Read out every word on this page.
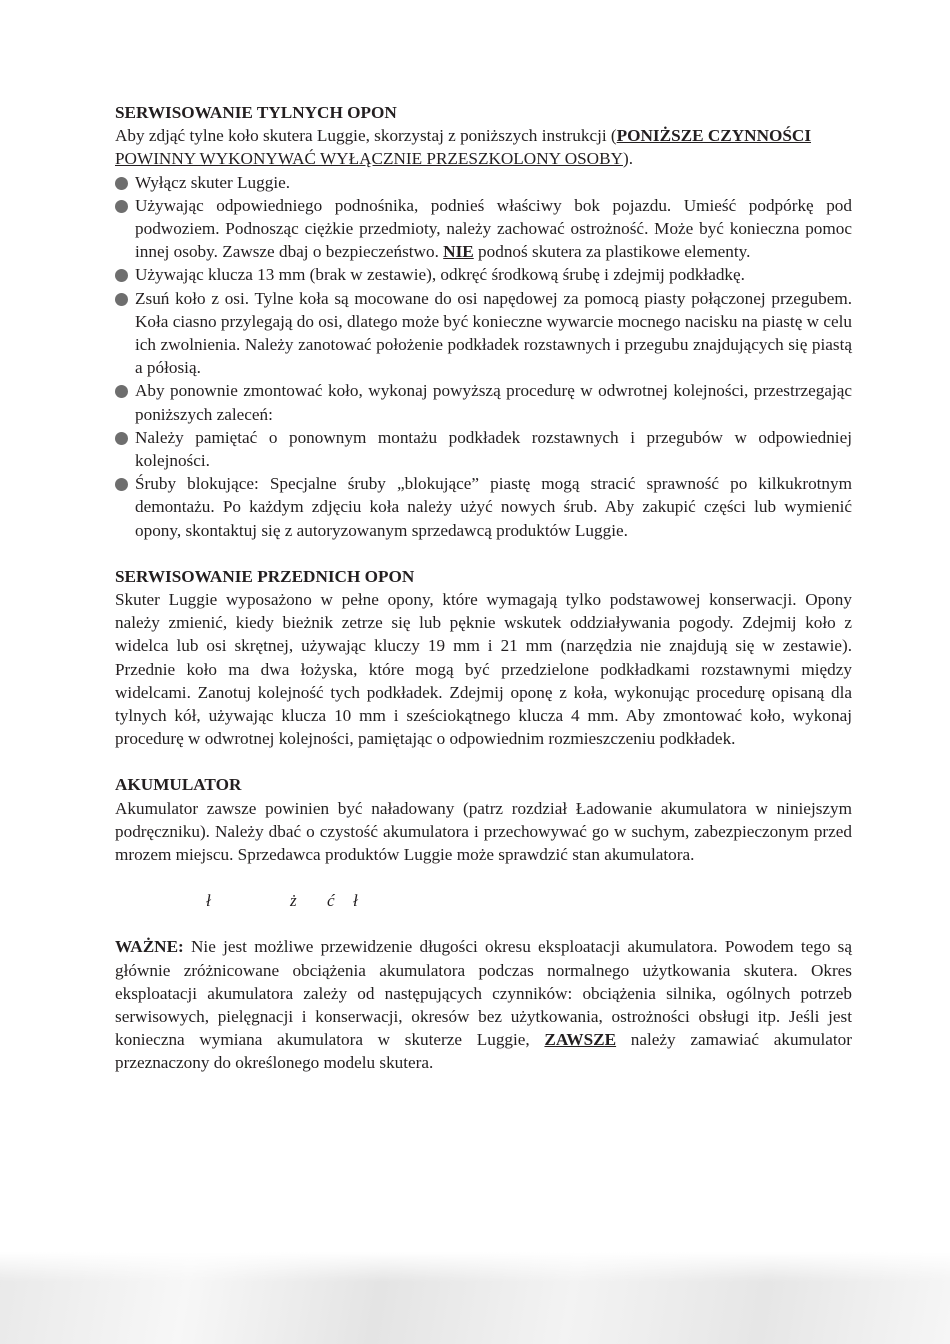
SERWISOWANIE TYLNYCH OPON

Aby zdjąć tylne koło skutera Luggie, skorzystaj z poniższych instrukcji (PONIŻSZE CZYNNOŚCI
POWINNY WYKONYWAĆ WYŁĄCZNIE PRZESZKOLONY OSOBY).

Wyłącz skuter Luggie.
Używając odpowiedniego podnośnika, podnieś właściwy bok pojazdu. Umieść podpórkę pod podwoziem. Podnosząc ciężkie przedmioty, należy zachować ostrożność. Może być konieczna pomoc innej osoby. Zawsze dbaj o bezpieczeństwo. NIE podnoś skutera za plastikowe elementy.
Używając klucza 13 mm (brak w zestawie), odkręć środkową śrubę i zdejmij podkładkę.
Zsuń koło z osi. Tylne koła są mocowane do osi napędowej za pomocą piasty połączonej przegubem. Koła ciasno przylegają do osi, dlatego może być konieczne wywarcie mocnego nacisku na piastę w celu ich zwolnienia. Należy zanotować położenie podkładek rozstawnych i przegubu znajdujących się piastą a półosią.
Aby ponownie zmontować koło, wykonaj powyższą procedurę w odwrotnej kolejności, przestrzegając poniższych zaleceń:
Należy pamiętać o ponownym montażu podkładek rozstawnych i przegubów w odpowiedniej kolejności.
Śruby blokujące: Specjalne śruby „blokujące” piastę mogą stracić sprawność po kilkukrotnym demontażu. Po każdym zdjęciu koła należy użyć nowych śrub. Aby zakupić części lub wymienić opony, skontaktuj się z autoryzowanym sprzedawcą produktów Luggie.
SERWISOWANIE PRZEDNICH OPON

Skuter Luggie wyposażono w pełne opony, które wymagają tylko podstawowej konserwacji. Opony należy zmienić, kiedy bieżnik zetrze się lub pęknie wskutek oddziaływania pogody. Zdejmij koło z widelca lub osi skrętnej, używając kluczy 19 mm i 21 mm (narzędzia nie znajdują się w zestawie). Przednie koło ma dwa łożyska, które mogą być przedzielone podkładkami rozstawnymi między widelcami. Zanotuj kolejność tych podkładek. Zdejmij oponę z koła, wykonując procedurę opisaną dla tylnych kół, używając klucza 10 mm i sześciokątnego klucza 4 mm. Aby zmontować koło, wykonaj procedurę w odwrotnej kolejności, pamiętając o odpowiednim rozmieszczeniu podkładek.

AKUMULATOR

Akumulator zawsze powinien być naładowany (patrz rozdział Ładowanie akumulatora w niniejszym podręczniku). Należy dbać o czystość akumulatora i przechowywać go w suchym, zabezpieczonym przed mrozem miejscu. Sprzedawca produktów Luggie może sprawdzić stan akumulatora.

ł	ż ć ł

WAŻNE: Nie jest możliwe przewidzenie długości okresu eksploatacji akumulatora. Powodem tego są głównie zróżnicowane obciążenia akumulatora podczas normalnego użytkowania skutera. Okres eksploatacji akumulatora zależy od następujących czynników: obciążenia silnika, ogólnych potrzeb serwisowych, pielęgnacji i konserwacji, okresów bez użytkowania, ostrożności obsługi itp. Jeśli jest konieczna wymiana akumulatora w skuterze Luggie, ZAWSZE należy zamawiać akumulator przeznaczony do określonego modelu skutera.
